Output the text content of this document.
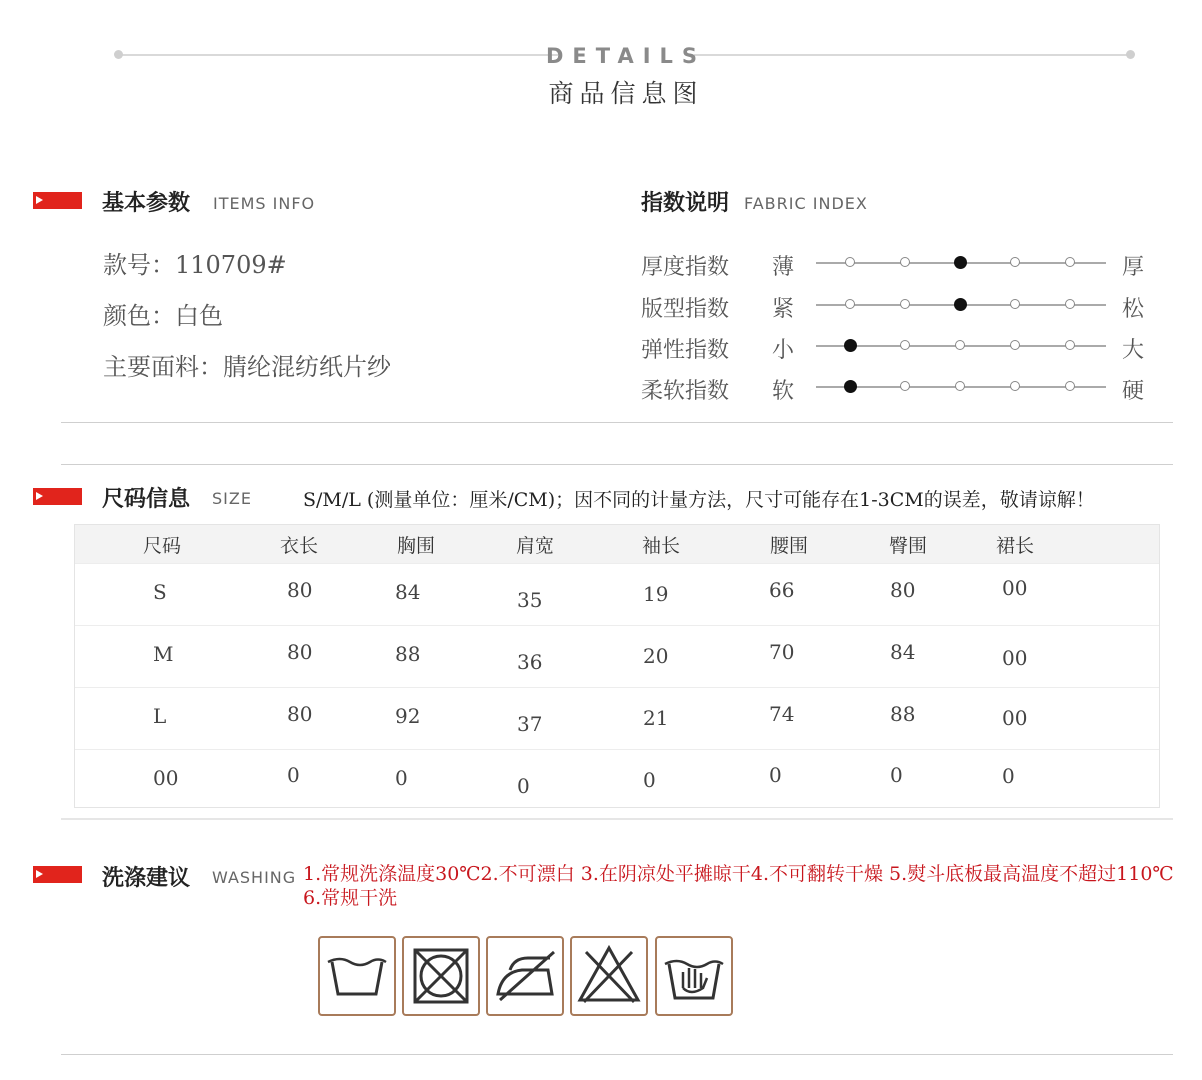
DETAILS
商品信息图
基本参数 ITEMS INFO
款号：110709#
颜色：白色
主要面料：腈纶混纺纸片纱
指数说明 FABRIC INDEX
厚度指数 薄	厚
版型指数 紧	松
弹性指数 小	大
柔软指数 软	硬
尺码信息 SIZE	S/M/L (测量单位：厘米/CM)；因不同的计量方法，尺寸可能存在1-3CM的误差，敬请谅解！
尺码	衣长	胸围	肩宽	袖长	腰围	臀围	裙长
S	80	84	35	19	66	80	00
M	80	88	36	20	70	84	00
L	80	92	37	21	74	88	00
00	0	0	0	0	0	0	0
洗涤建议 WASHING 1.常规洗涤温度30℃2.不可漂白 3.在阴凉处平摊晾干4.不可翻转干燥 5.熨斗底板最高温度不超过110℃ 6.常规干洗
